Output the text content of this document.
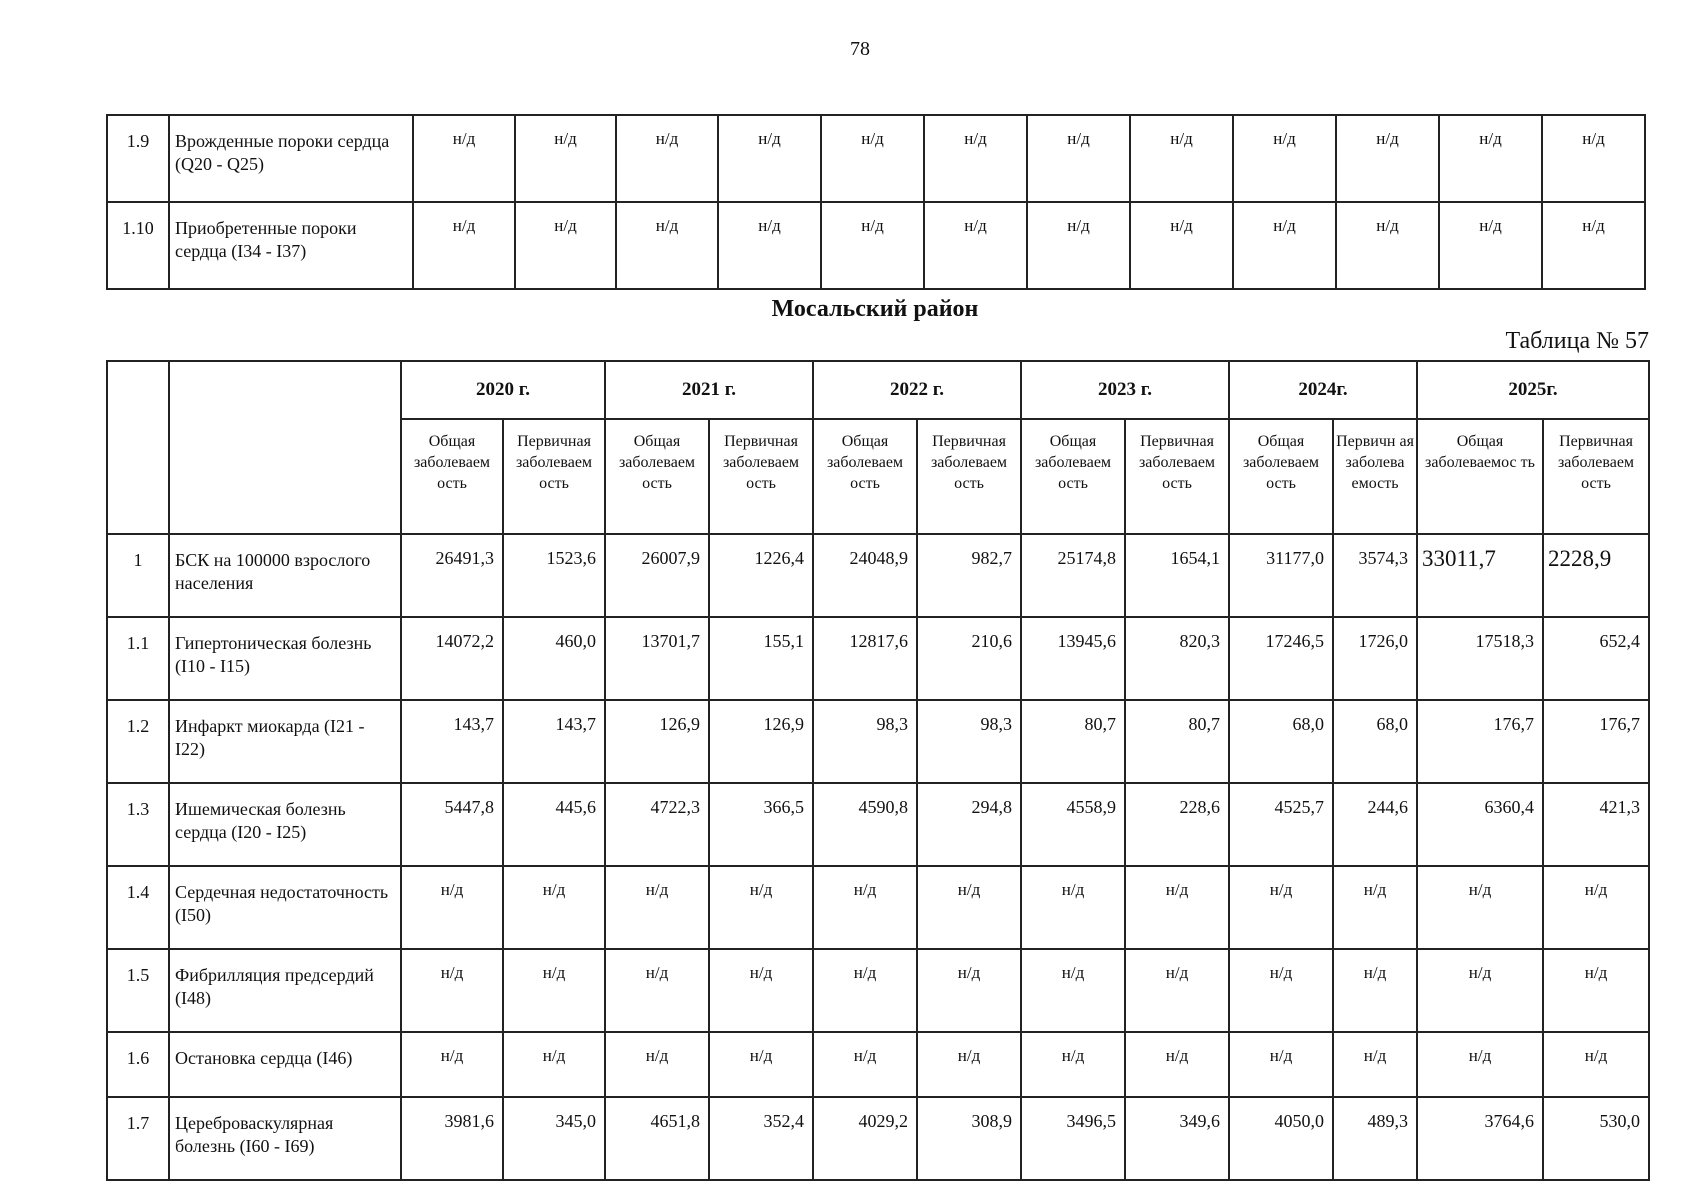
78
1.9	Врожденные пороки сердца (Q20 - Q25)	н/д	н/д	н/д	н/д	н/д	н/д	н/д	н/д	н/д	н/д	н/д	н/д
1.10	Приобретенные пороки сердца (I34 - I37)	н/д	н/д	н/д	н/д	н/д	н/д	н/д	н/д	н/д	н/д	н/д	н/д
Мосальский район
Таблица № 57
		2020 г.		2021 г.		2022 г.		2023 г.		2024г.		2025г.	
		Общая заболеваем ость	Первичная заболеваем ость	Общая заболеваем ость	Первичная заболеваем ость	Общая заболеваем ость	Первичная заболеваем ость	Общая заболеваем ость	Первичная заболеваем ость	Общая заболеваем ость	Первичн ая заболева емость	Общая заболеваемос ть	Первичная заболеваем ость
1	БСК на 100000 взрослого населения	26491,3	1523,6	26007,9	1226,4	24048,9	982,7	25174,8	1654,1	31177,0	3574,3	33011,7	2228,9
1.1	Гипертоническая болезнь (I10 - I15)	14072,2	460,0	13701,7	155,1	12817,6	210,6	13945,6	820,3	17246,5	1726,0	17518,3	652,4
1.2	Инфаркт миокарда (I21 - I22)	143,7	143,7	126,9	126,9	98,3	98,3	80,7	80,7	68,0	68,0	176,7	176,7
1.3	Ишемическая болезнь сердца (I20 - I25)	5447,8	445,6	4722,3	366,5	4590,8	294,8	4558,9	228,6	4525,7	244,6	6360,4	421,3
1.4	Сердечная недостаточность (I50)	н/д	н/д	н/д	н/д	н/д	н/д	н/д	н/д	н/д	н/д	н/д	н/д
1.5	Фибрилляция предсердий (I48)	н/д	н/д	н/д	н/д	н/д	н/д	н/д	н/д	н/д	н/д	н/д	н/д
1.6	Остановка сердца (I46)	н/д	н/д	н/д	н/д	н/д	н/д	н/д	н/д	н/д	н/д	н/д	н/д
1.7	Цереброваскулярная болезнь (I60 - I69)	3981,6	345,0	4651,8	352,4	4029,2	308,9	3496,5	349,6	4050,0	489,3	3764,6	530,0
